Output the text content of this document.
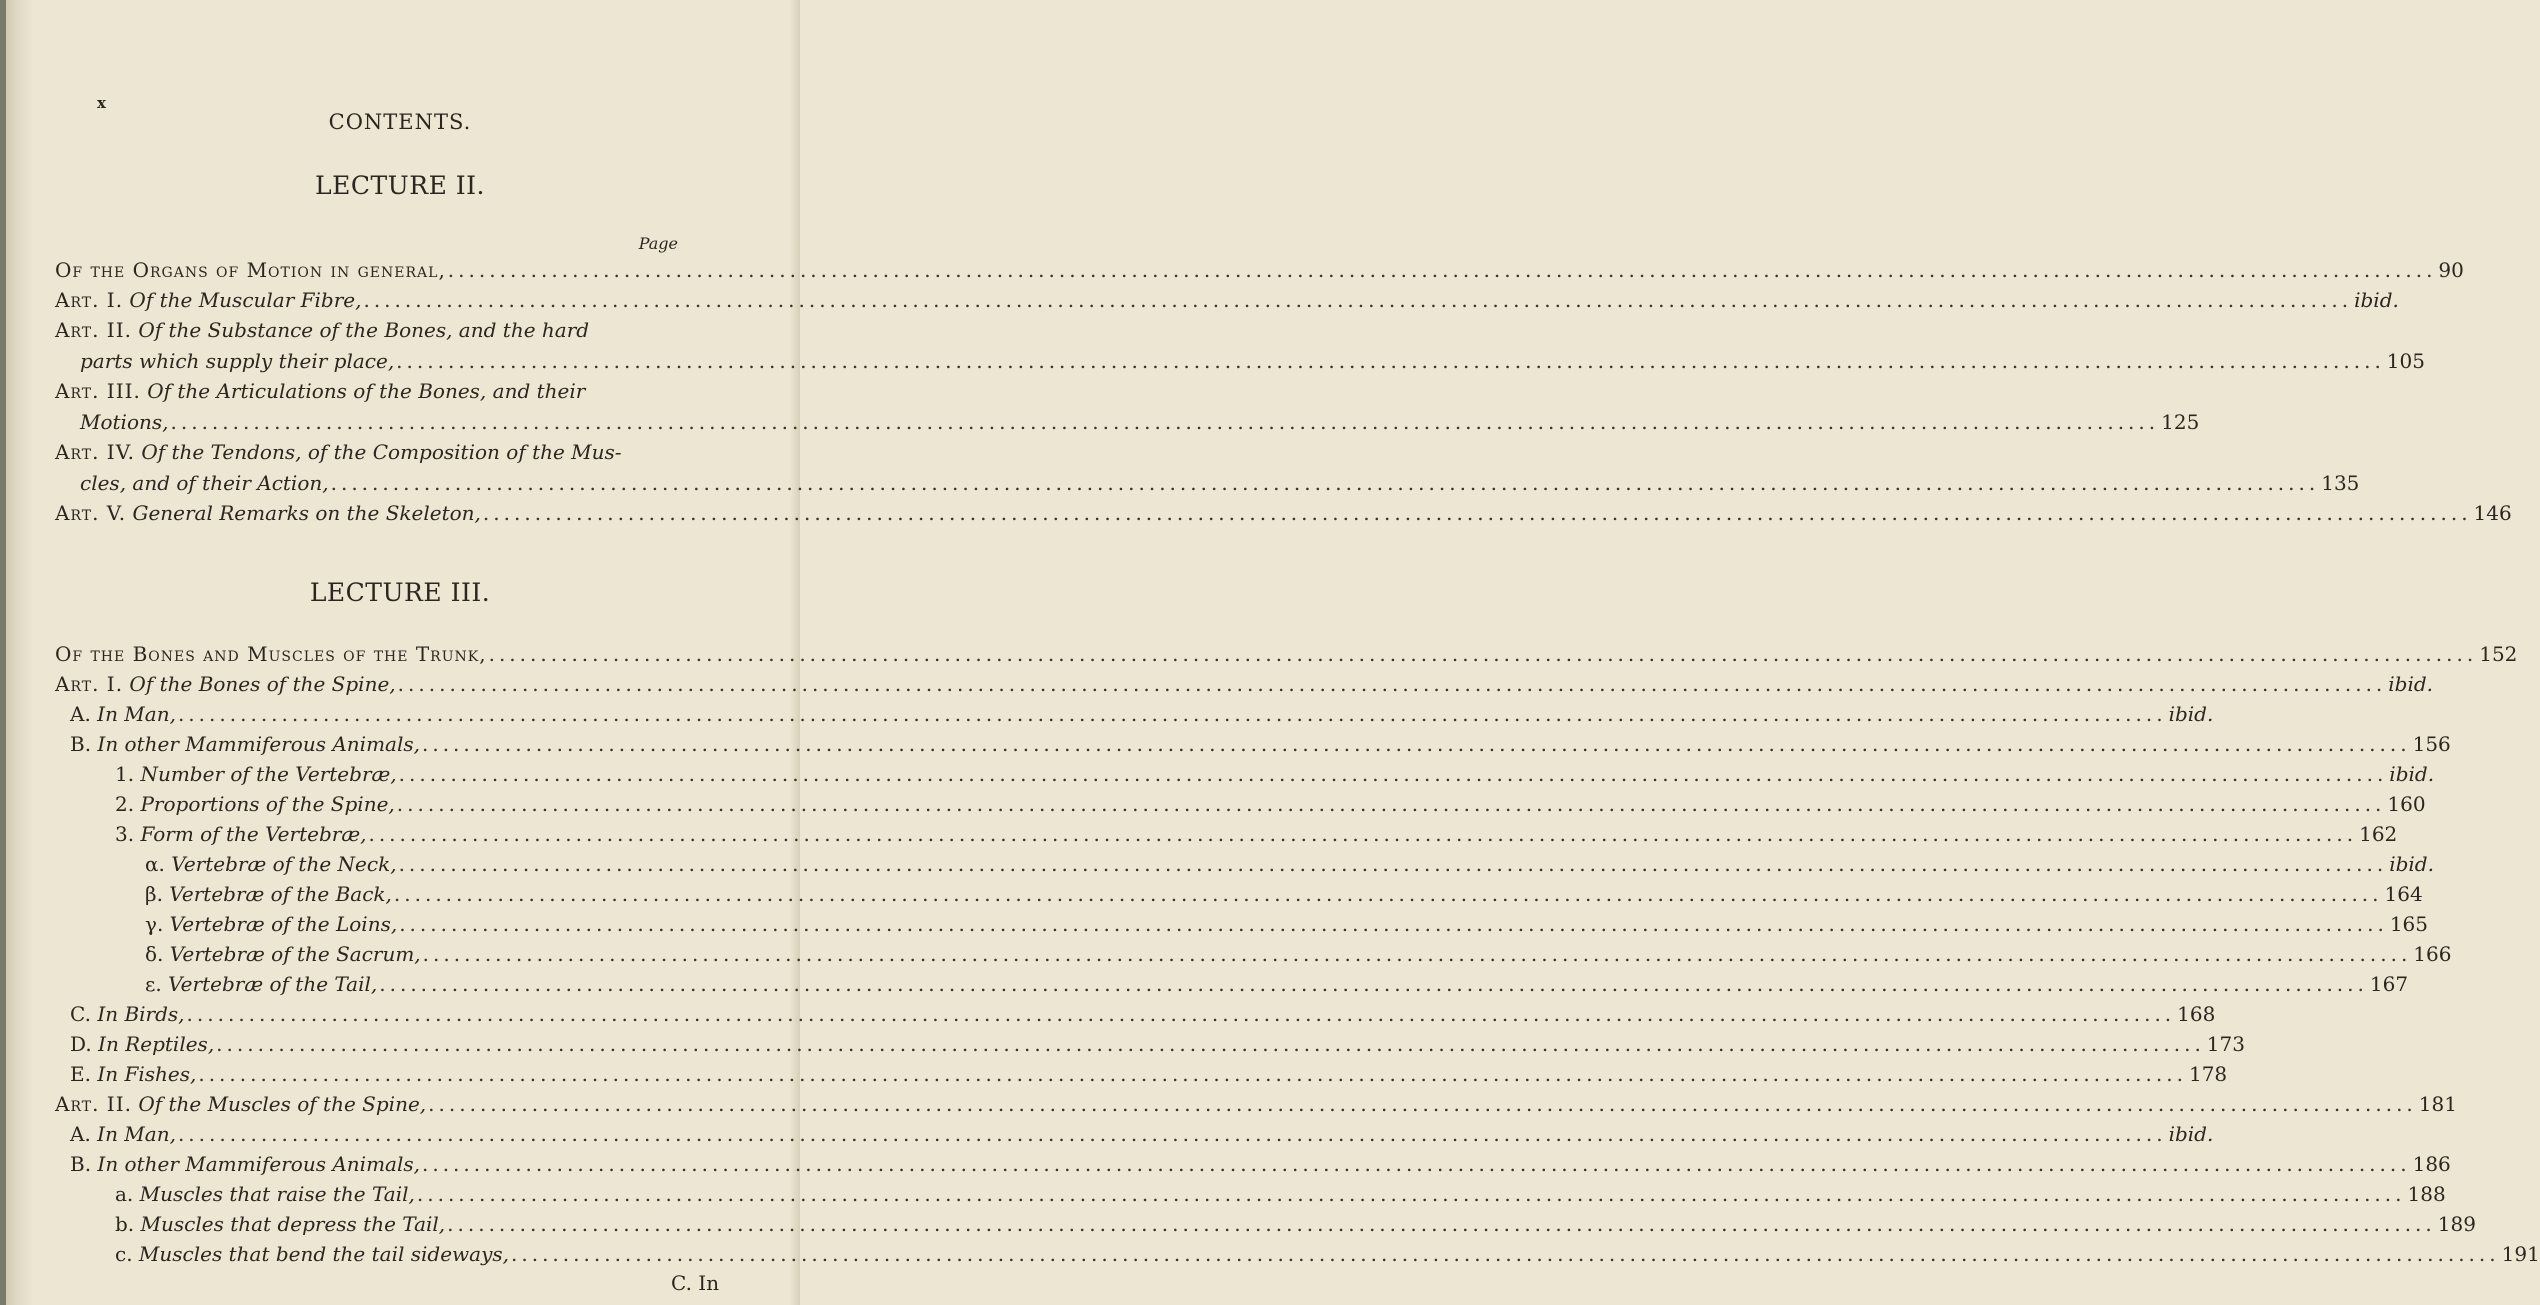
x
CONTENTS.
LECTURE II.
Page
Of the Organs of Motion in general, .....	90
Art. I. Of the Muscular Fibre, .....	ibid.
Art. II. Of the Substance of the Bones, and the hard
parts which supply their place, .....	105
Art. III. Of the Articulations of the Bones, and their
Motions, .....	125
Art. IV. Of the Tendons, of the Composition of the Mus-
cles, and of their Action, .....	135
Art. V. General Remarks on the Skeleton, .....	146
LECTURE III.
Of the Bones and Muscles of the Trunk, .....	152
Art. I. Of the Bones of the Spine, .....	ibid.
A. In Man, .....	ibid.
B. In other Mammiferous Animals, .....	156
1. Number of the Vertebræ, .....	ibid.
2. Proportions of the Spine, .....	160
3. Form of the Vertebræ, .....	162
α. Vertebræ of the Neck, .....	ibid.
β. Vertebræ of the Back, .....	164
γ. Vertebræ of the Loins, .....	165
δ. Vertebræ of the Sacrum, .....	166
ε. Vertebræ of the Tail, .....	167
C. In Birds, .....	168
D. In Reptiles, .....	173
E. In Fishes, .....	178
Art. II. Of the Muscles of the Spine, .....	181
A. In Man, .....	ibid.
B. In other Mammiferous Animals, .....	186
a. Muscles that raise the Tail, .....	188
b. Muscles that depress the Tail, .....	189
c. Muscles that bend the tail sideways, .....	191
C. In
